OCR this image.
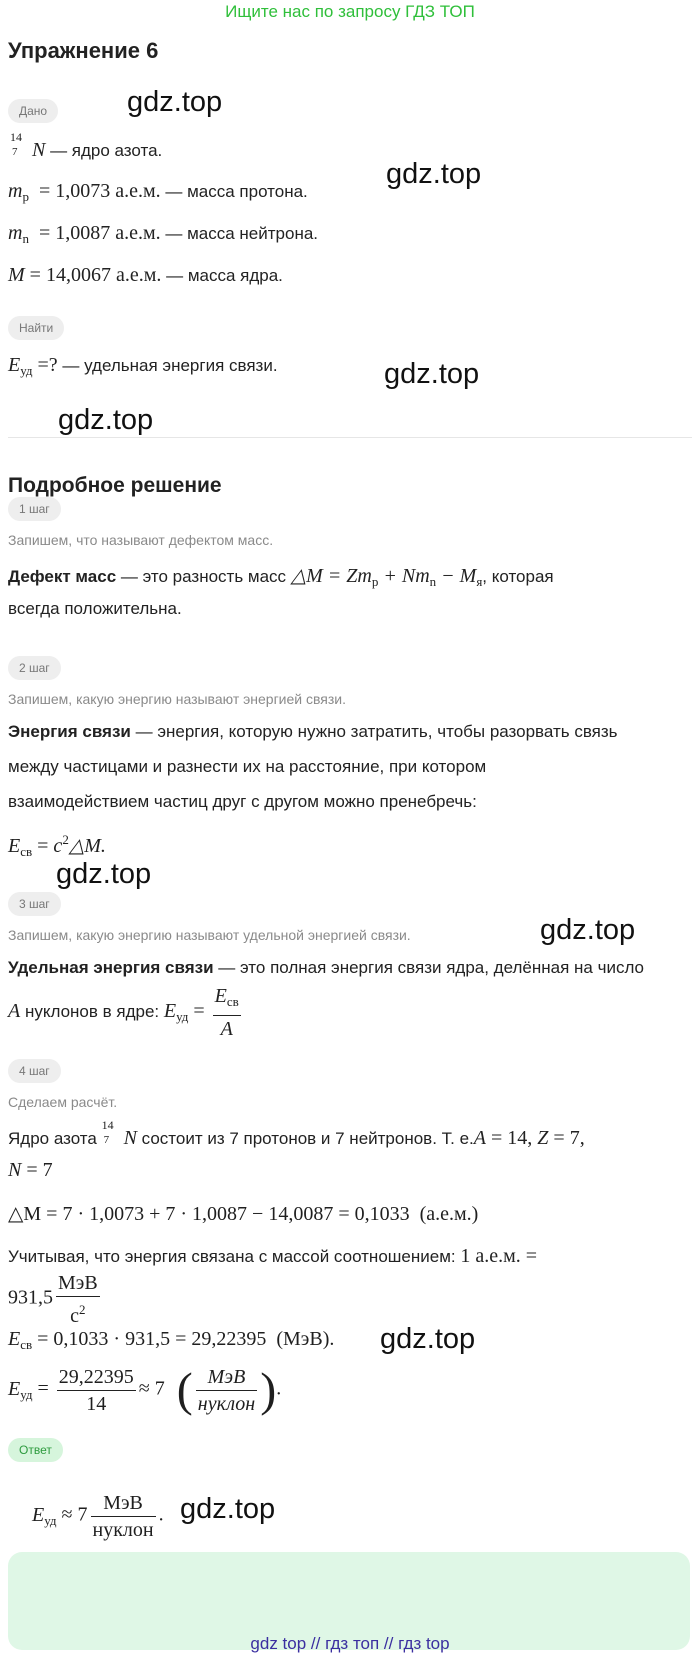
Ищите нас по запросу ГДЗ ТОП
Упражнение 6
Дано	gdz.top
14
7 N — ядро азота.
gdz.top
$m_p = 1,0073$ а.е.м. — масса протона.
$m_n = 1,0087$ а.е.м. — масса нейтрона.
M = 14,0067 а.е.м. — масса ядра.
Найти
$E_{уд}$ =? — удельная энергия связи.	gdz.top
gdz.top
Подробное решение
1 шаг
Запишем, что называют дефектом масс.
Дефект масс — это разность масс △M = $Zm_p + Nm_n - M_я$, которая
всегда положительна.
2 шаг
Запишем, какую энергию называют энергией связи.
Энергия связи — энергия, которую нужно затратить, чтобы разорвать связь
между частицами и разнести их на расстояние, при котором
взаимодействием частиц друг с другом можно пренебречь:
$E_{св}$ = $c^2\triangle M$.
gdz.top
3 шаг
Запишем, какую энергию называют удельной энергией связи.	gdz.top
Удельная энергия связи — это полная энергия связи ядра, делённая на число
A нуклонов в ядре: $E_{уд} = \frac{E_{св}}{A}$
4 шаг
Сделаем расчёт.
Ядро азота
14
7 N состоит из 7 протонов и 7 нейтронов. Т. е.A = 14, Z = 7,
N = 7
△M = 7 · 1,0073 + 7 · 1,0087 − 14,0087 = 0,1033 (а.е.м.)
Учитывая, что энергия связана с массой соотношением: 1 а.е.м. =
$931,5 \frac{\text{МэВ}}{с^2}$
$E_{св} = 0,1033 \cdot 931,5 = 29,22395$ (МэВ). gdz.top
$E_{уд} = \frac{29,22395}{14} \approx 7$ ( $\frac{\text{МэВ}}{\text{нуклон}}$ ).
Ответ
$E_{уд} \approx 7 \frac{\text{МэВ}}{\text{нуклон}}$ . gdz.top
gdz top // гдз топ // гдз top
